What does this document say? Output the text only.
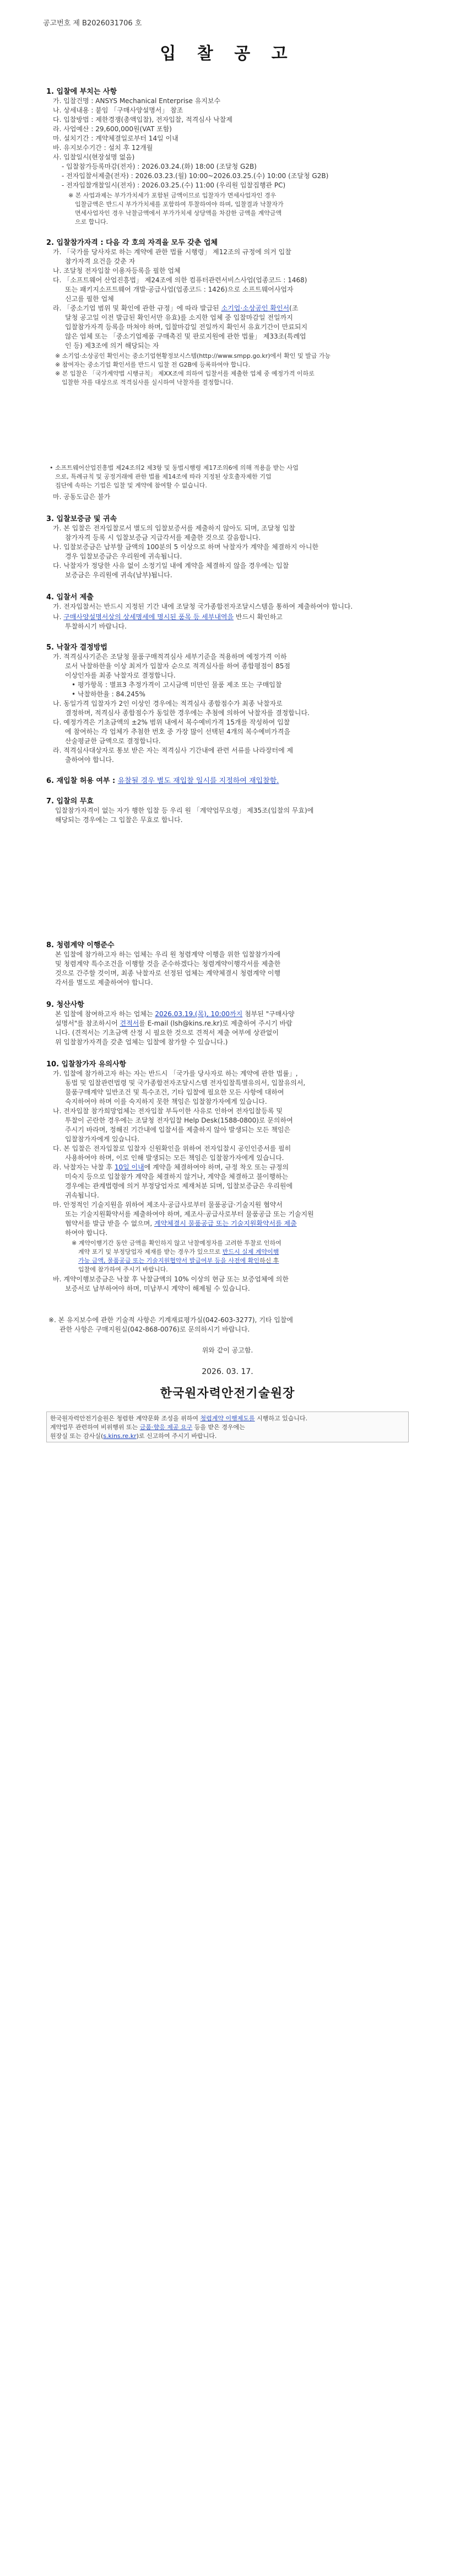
공고번호 제 B2026031706 호
입 찰 공 고
1. 입찰에 부치는 사항
가. 입찰건명 : ANSYS Mechanical Enterprise 유지보수
나. 상세내용 : 붙임 「구매사양설명서」 참조
다. 입찰방법 : 제한경쟁(총액입찰), 전자입찰, 적격심사 낙찰제
라. 사업예산 : 29,600,000원(VAT 포함)
마. 설치기간 : 계약체결일로부터 14일 이내
바. 유지보수기간 : 설치 후 12개월
사. 입찰일시(현장설명 없음)
- 입찰참가등록마감(전자) : 2026.03.24.(화) 18:00 (조달청 G2B)
- 전자입찰서제출(전자) : 2026.03.23.(월) 10:00~2026.03.25.(수) 10:00 (조달청 G2B)
- 전자입찰개찰일시(전자) : 2026.03.25.(수) 11:00 (우리원 입찰집행관 PC)
※ 본 사업과제는 부가가치세가 포함된 금액이므로 입찰자가 면세사업자인 경우
입찰금액은 반드시 부가가치세를 포함하여 투찰하여야 하며, 입찰결과 낙찰자가
면세사업자인 경우 낙찰금액에서 부가가치세 상당액을 차감한 금액을 계약금액
으로 합니다.
2. 입찰참가자격 : 다음 각 호의 자격을 모두 갖춘 업체
가. 「국가를 당사자로 하는 계약에 관한 법률 시행령」 제12조의 규정에 의거 입찰
참가자격 요건을 갖춘 자
나. 조달청 전자입찰 이용자등록을 필한 업체
다. 「소프트웨어 산업진흥법」 제24조에 의한 컴퓨터관련서비스사업(업종코드 : 1468)
또는 패키지소프트웨어 개발·공급사업(업종코드 : 1426)으로 소프트웨어사업자
신고를 필한 업체
라. 「중소기업 범위 및 확인에 관한 규정」에 따라 발급된 소기업·소상공인 확인서(조
달청 공고일 이전 발급된 확인서만 유효)를 소지한 업체 중 입찰마감일 전일까지
입찰참가자격 등록을 마쳐야 하며, 입찰마감일 전일까지 확인서 유효기간이 만료되지
않은 업체 또는 「중소기업제품 구매촉진 및 판로지원에 관한 법률」 제33조(특례업
인 등) 제3조에 의거 해당되는 자
※ 소기업·소상공인 확인서는 중소기업현황정보시스템(http://www.smpp.go.kr)에서 확인 및 발급 가능
※ 참여자는 중소기업 확인서를 반드시 입찰 전 G2B에 등록하여야 합니다.
※ 본 입찰은 「국가계약법 시행규칙」 제XX조에 의하여 입찰서를 제출한 업체 중 예정가격 이하로
입찰한 자를 대상으로 적격심사를 실시하여 낙찰자를 결정합니다.
• 소프트웨어산업진흥법 제24조의2 제3항 및 동법시행령 제17조의6에 의해 적용을 받는 사업
으로, 특례규칙 및 공정거래에 관한 법률 제14조에 따라 지정된 상호출자제한 기업
집단에 속하는 기업은 입찰 및 계약에 참여할 수 없습니다.
마. 공동도급은 불가
3. 입찰보증금 및 귀속
가. 본 입찰은 전자입찰로서 별도의 입찰보증서를 제출하지 않아도 되며, 조달청 입찰
참가자격 등록 시 입찰보증금 지급각서를 제출한 것으로 갈음합니다.
나. 입찰보증금은 납부할 금액의 100분의 5 이상으로 하며 낙찰자가 계약을 체결하지 아니한
경우 입찰보증금은 우리원에 귀속됩니다.
다. 낙찰자가 정당한 사유 없이 소정기일 내에 계약을 체결하지 않을 경우에는 입찰
보증금은 우리원에 귀속(납부)됩니다.
4. 입찰서 제출
가. 전자입찰서는 반드시 지정된 기간 내에 조달청 국가종합전자조달시스템을 통하여 제출하여야 합니다.
나. 구매사양설명서상의 상세명세에 명시된 품목 등 세부내역을 반드시 확인하고
투찰하시기 바랍니다.
5. 낙찰자 결정방법
가. 적격심사기준은 조달청 물품구매적격심사 세부기준을 적용하며 예정가격 이하
로서 낙찰하한율 이상 최저가 입찰자 순으로 적격심사를 하여 종합평점이 85점
이상인자를 최종 낙찰자로 결정합니다.
• 평가항목 : 별표3 추정가격이 고시금액 미만인 물품 제조 또는 구매입찰
• 낙찰하한율 : 84.245%
나. 동일가격 입찰자가 2인 이상인 경우에는 적격심사 종합점수가 최종 낙찰자로
결정하며, 적격심사 종합점수가 동일한 경우에는 추첨에 의하여 낙찰자를 결정합니다.
다. 예정가격은 기초금액의 ±2% 범위 내에서 복수예비가격 15개를 작성하여 입찰
에 참여하는 각 업체가 추첨한 번호 중 가장 많이 선택된 4개의 복수예비가격을
산술평균한 금액으로 결정합니다.
라. 적격심사대상자로 통보 받은 자는 적격심사 기간내에 관련 서류를 나라장터에 제
출하여야 합니다.
6. 재입찰 허용 여부 : 유찰될 경우 별도 재입찰 일시를 지정하여 재입찰함.
7. 입찰의 무효
입찰참가자격이 없는 자가 행한 입찰 등 우리 원 「계약업무요령」 제35조(입찰의 무효)에
해당되는 경우에는 그 입찰은 무효로 합니다.
8. 청렴계약 이행준수
본 입찰에 참가하고자 하는 업체는 우리 원 청렴계약 이행을 위한 입찰참가자에
및 청렴계약 특수조건을 이행할 것을 준수하겠다는 청렴계약이행각서를 제출한
것으로 간주할 것이며, 최종 낙찰자로 선정된 업체는 계약체결시 청렴계약 이행
각서를 별도로 제출하여야 합니다.
9. 청산사항
본 입찰에 참여하고자 하는 업체는 2026.03.19.(목), 10:00까지 첨부된 "구매사양
설명서"를 참조하시어 견적서를 E-mail (lsh@kins.re.kr)로 제출하여 주시기 바랍
니다. (견적서는 기초금액 산정 시 필요한 것으로 견적서 제출 여부에 상관없이
위 입찰참가자격을 갖춘 업체는 입찰에 참가할 수 있습니다.)
10. 입찰참가자 유의사항
가. 입찰에 참가하고자 하는 자는 반드시 「국가를 당사자로 하는 계약에 관한 법률」,
동법 및 입찰관련법령 및 국가종합전자조달시스템 전자입찰특별유의서, 입찰유의서,
물품구매계약 일반조건 및 특수조건, 기타 입찰에 필요한 모든 사항에 대하여
숙지하여야 하며 이를 숙지하지 못한 책임은 입찰참가자에게 있습니다.
나. 전자입찰 참가희망업체는 전자입찰 부득이한 사유로 인하여 전자입찰등록 및
투찰이 곤란한 경우에는 조달청 전자입찰 Help Desk(1588-0800)로 문의하여
주시기 바라며, 정해진 기간내에 입찰서를 제출하지 않아 발생되는 모든 책임은
입찰참가자에게 있습니다.
다. 본 입찰은 전자입찰로 입찰자 신원확인을 위하여 전자입찰시 공인인증서를 필히
사용하여야 하며, 이로 인해 발생되는 모든 책임은 입찰참가자에게 있습니다.
라. 낙찰자는 낙찰 후 10일 이내에 계약을 체결하여야 하며, 규정 착오 또는 규정의
미숙지 등으로 입찰참가 계약을 체결하지 않거나, 계약을 체결하고 불이행하는
경우에는 관계법령에 의거 부정당업자로 제재처분 되며, 입찰보증금은 우리원에
귀속됩니다.
마. 안정적인 기술지원을 위하여 제조사·공급사로부터 물품공급·기술지원 협약서
또는 기술지원확약서를 제출하여야 하며, 제조사·공급사로부터 물품공급 또는 기술지원
협약서를 발급 받을 수 없으며, 계약체결시 물품공급 또는 기술지원확약서를 제출
하여야 합니다.
※ 계약이행기간 동안 금액을 확인하지 않고 낙찰예정자를 고려한 투찰로 인하여
계약 포기 및 부정당업자 제재를 받는 경우가 있으므로 반드시 실제 계약이행
가능 금액, 물품공급 또는 기술지원협약서 발급여부 등을 사전에 확인하신 후
입찰에 참가하여 주시기 바랍니다.
바. 계약이행보증금은 낙찰 후 낙찰금액의 10% 이상의 현금 또는 보증업체에 의한
보증서로 납부하여야 하며, 미납부시 계약이 해제될 수 있습니다.
※. 본 유지보수에 관한 기술적 사항은 기계재료평가실(042-603-3277), 기타 입찰에
관한 사항은 구매지원실(042-868-0076)로 문의하시기 바랍니다.
위와 같이 공고함.
2026. 03. 17.
한국원자력안전기술원장
한국원자력안전기술원은 청렴한 계약문화 조성을 위하여 청렴계약 이행제도를 시행하고 있습니다.
계약업무 관련하여 비위행위 또는 금품·향응 제공 요구 등을 받은 경우에는
원장실 또는 감사실(s.kins.re.kr)로 신고하여 주시기 바랍니다.
